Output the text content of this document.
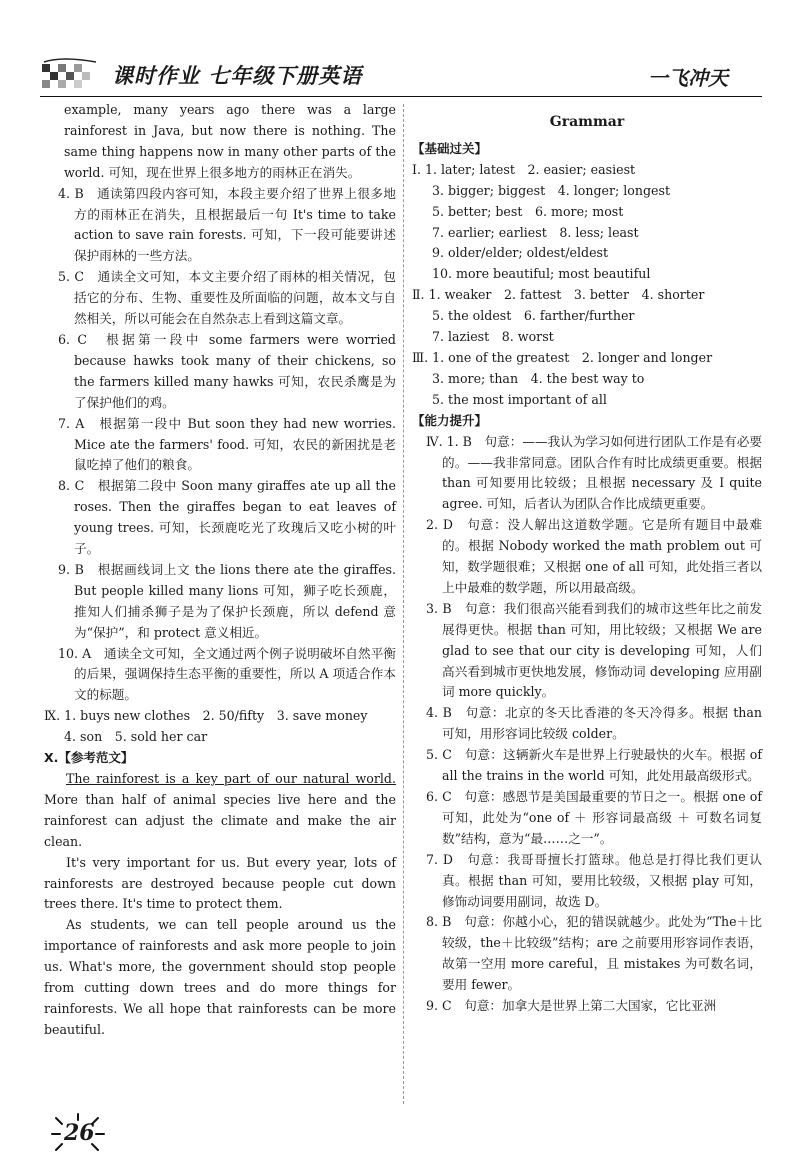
课时作业 七年级下册英语	一飞冲天

example, many years ago there was a large rainforest in Java, but now there is nothing. The same thing happens now in many other parts of the world. 可知，现在世界上很多地方的雨林正在消失。

4. B　通读第四段内容可知，本段主要介绍了世界上很多地方的雨林正在消失，且根据最后一句 It's time to take action to save rain forests. 可知，下一段可能要讲述保护雨林的一些方法。

5. C　通读全文可知，本文主要介绍了雨林的相关情况，包括它的分布、生物、重要性及所面临的问题，故本文与自然相关，所以可能会在自然杂志上看到这篇文章。

6. C　根据第一段中 some farmers were worried because hawks took many of their chickens, so the farmers killed many hawks 可知，农民杀鹰是为了保护他们的鸡。

7. A　根据第一段中 But soon they had new worries. Mice ate the farmers' food. 可知，农民的新困扰是老鼠吃掉了他们的粮食。

8. C　根据第二段中 Soon many giraffes ate up all the roses. Then the giraffes began to eat leaves of young trees. 可知，长颈鹿吃光了玫瑰后又吃小树的叶子。

9. B　根据画线词上文 the lions there ate the giraffes. But people killed many lions 可知，狮子吃长颈鹿，推知人们捕杀狮子是为了保护长颈鹿，所以 defend 意为“保护”，和 protect 意义相近。

10. A　通读全文可知，全文通过两个例子说明破坏自然平衡的后果，强调保持生态平衡的重要性，所以 A 项适合作本文的标题。

Ⅸ. 1. buys new clothes　2. 50/fifty　3. save money

4. son　5. sold her car

Ⅹ.【参考范文】

The rainforest is a key part of our natural world. More than half of animal species live here and the rainforest can adjust the climate and make the air clean.

It's very important for us. But every year, lots of rainforests are destroyed because people cut down trees there. It's time to protect them.

As students, we can tell people around us the importance of rainforests and ask more people to join us. What's more, the government should stop people from cutting down trees and do more things for rainforests. We all hope that rainforests can be more beautiful.

Grammar

【基础过关】

Ⅰ. 1. later; latest　2. easier; easiest

3. bigger; biggest　4. longer; longest

5. better; best　6. more; most

7. earlier; earliest　8. less; least

9. older/elder; oldest/eldest

10. more beautiful; most beautiful

Ⅱ. 1. weaker　2. fattest　3. better　4. shorter

5. the oldest　6. farther/further

7. laziest　8. worst

Ⅲ. 1. one of the greatest　2. longer and longer

3. more; than　4. the best way to

5. the most important of all

【能力提升】

Ⅳ. 1. B　句意：——我认为学习如何进行团队工作是有必要的。——我非常同意。团队合作有时比成绩更重要。根据 than 可知要用比较级；且根据 necessary 及 I quite agree. 可知，后者认为团队合作比成绩更重要。

2. D　句意：没人解出这道数学题。它是所有题目中最难的。根据 Nobody worked the math problem out 可知，数学题很难；又根据 one of all 可知，此处指三者以上中最难的数学题，所以用最高级。

3. B　句意：我们很高兴能看到我们的城市这些年比之前发展得更快。根据 than 可知，用比较级；又根据 We are glad to see that our city is developing 可知，人们高兴看到城市更快地发展，修饰动词 developing 应用副词 more quickly。

4. B　句意：北京的冬天比香港的冬天冷得多。根据 than 可知，用形容词比较级 colder。

5. C　句意：这辆新火车是世界上行驶最快的火车。根据 of all the trains in the world 可知，此处用最高级形式。

6. C　句意：感恩节是美国最重要的节日之一。根据 one of 可知，此处为“one of ＋ 形容词最高级 ＋ 可数名词复数”结构，意为“最……之一”。

7. D　句意：我哥哥擅长打篮球。他总是打得比我们更认真。根据 than 可知，要用比较级，又根据 play 可知，修饰动词要用副词，故选 D。

8. B　句意：你越小心，犯的错误就越少。此处为“The＋比较级，the＋比较级”结构；are 之前要用形容词作表语，故第一空用 more careful，且 mistakes 为可数名词，要用 fewer。

9. C　句意：加拿大是世界上第二大国家，它比亚洲

26
